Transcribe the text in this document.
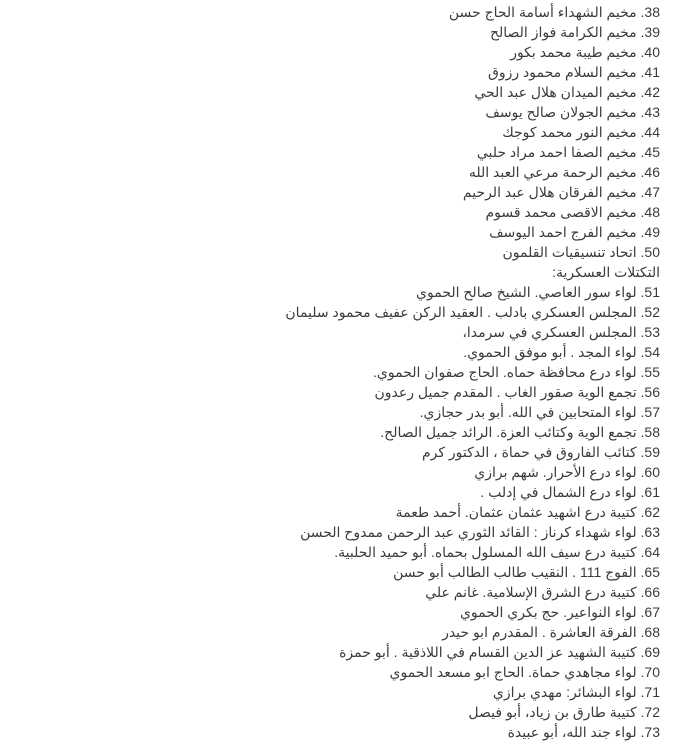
38. مخيم الشهداء أسامة الحاج حسن
39. مخيم الكرامة فواز الصالح
40. مخيم طيبة محمد بكور
41. مخيم السلام محمود رزوق
42. مخيم الميدان هلال عبد الحي
43. مخيم الجولان صالح يوسف
44. مخيم النور محمد كوجك
45. مخيم الصفا احمد مراد حلبي
46. مخيم الرحمة مرعي العبد الله
47. مخيم الفرقان هلال عبد الرحيم
48. مخيم الاقصى محمد قسوم
49. مخيم الفرج احمد اليوسف
50. اتحاد تنسيقيات القلمون
التكتلات العسكرية:
51. لواء سور العاصي. الشيخ صالح الحموي
52. المجلس العسكري بادلب . العقيد الركن عفيف محمود سليمان
53. المجلس العسكري في سرمدا،
54. لواء المجد . أبو موفق الحموي.
55. لواء درع محافظة حماه. الحاج صفوان الحموي.
56. تجمع الوية صقور الغاب . المقدم جميل رعدون
57. لواء المتحابين في الله. أبو بدر حجازي.
58. تجمع الوية وكتائب العزة. الرائد جميل الصالح.
59. كتائب الفاروق في حماة ، الدكتور كرم
60. لواء درع الأحرار. شهم برازي
61. لواء درع الشمال في إدلب .
62. كتيبة درع اشهيد عثمان عثمان. أحمد طعمة
63. لواء شهداء كرناز : القائد الثوري عبد الرحمن ممدوح الحسن
64. كتيبة درع سيف الله المسلول بحماه. أبو حميد الحلبية.
65. الفوج 111 . النقيب طالب الطالب أبو حسن
66. كتيبة درع الشرق الإسلامية. غانم علي
67. لواء النواعير. حج بكري الحموي
68. الفرقة العاشرة . المقدرم ابو حيدر
69. كتيبة الشهيد عز الدين القسام في اللاذقية . أبو حمزة
70. لواء مجاهدي حماة. الحاج ابو مسعد الحموي
71. لواء البشائر: مهدي برازي
72. كتيبة طارق بن زياد، أبو فيصل
73. لواء جند الله، أبو عبيدة
